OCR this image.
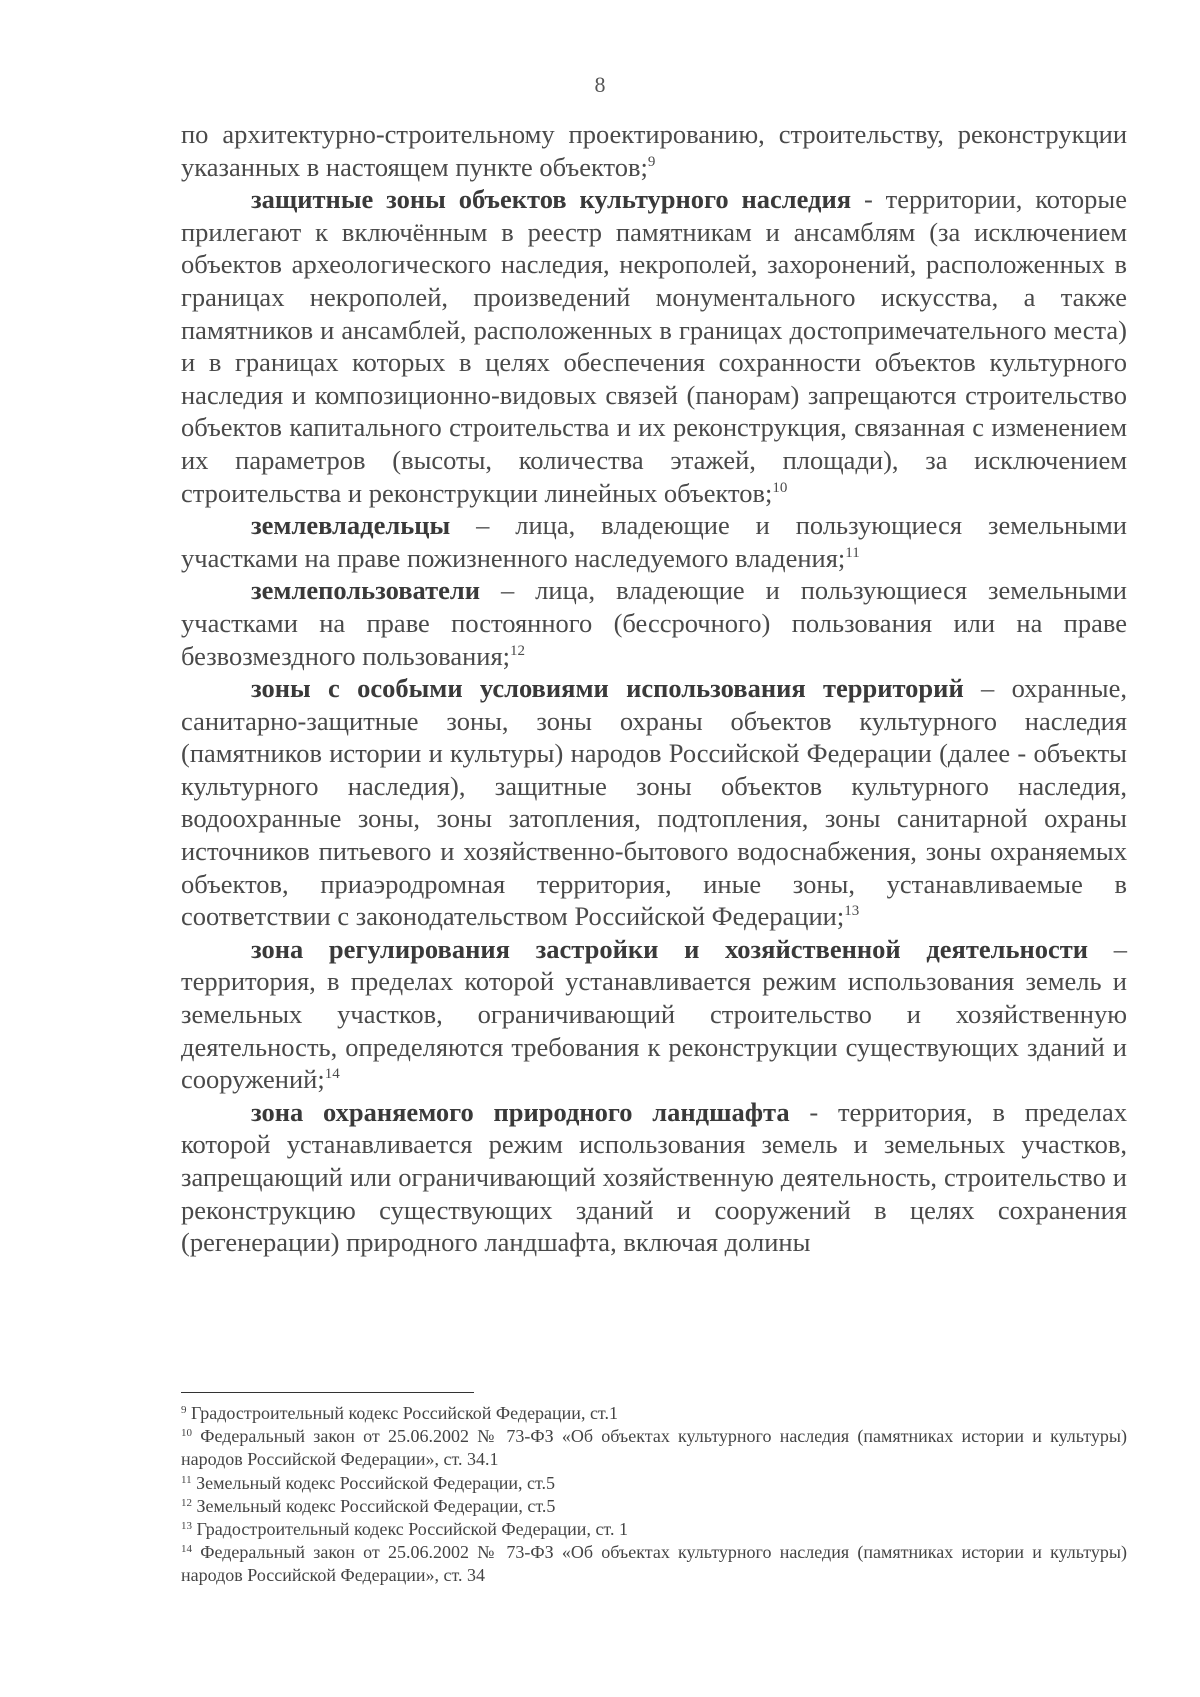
8

по архитектурно-строительному проектированию, строительству, реконструкции указанных в настоящем пункте объектов;$^9$

защитные зоны объектов культурного наследия - территории, которые прилегают к включённым в реестр памятникам и ансамблям (за исключением объектов археологического наследия, некрополей, захоронений, расположенных в границах некрополей, произведений монументального искусства, а также памятников и ансамблей, расположенных в границах достопримечательного места) и в границах которых в целях обеспечения сохранности объектов культурного наследия и композиционно-видовых связей (панорам) запрещаются строительство объектов капитального строительства и их реконструкция, связанная с изменением их параметров (высоты, количества этажей, площади), за исключением строительства и реконструкции линейных объектов;$^{10}$

землевладельцы – лица, владеющие и пользующиеся земельными участками на праве пожизненного наследуемого владения;$^{11}$

землепользователи – лица, владеющие и пользующиеся земельными участками на праве постоянного (бессрочного) пользования или на праве безвозмездного пользования;$^{12}$

зоны с особыми условиями использования территорий – охранные, санитарно-защитные зоны, зоны охраны объектов культурного наследия (памятников истории и культуры) народов Российской Федерации (далее - объекты культурного наследия), защитные зоны объектов культурного наследия, водоохранные зоны, зоны затопления, подтопления, зоны санитарной охраны источников питьевого и хозяйственно-бытового водоснабжения, зоны охраняемых объектов, приаэродромная территория, иные зоны, устанавливаемые в соответствии с законодательством Российской Федерации;$^{13}$

зона регулирования застройки и хозяйственной деятельности – территория, в пределах которой устанавливается режим использования земель и земельных участков, ограничивающий строительство и хозяйственную деятельность, определяются требования к реконструкции существующих зданий и сооружений;$^{14}$

зона охраняемого природного ландшафта - территория, в пределах которой устанавливается режим использования земель и земельных участков, запрещающий или ограничивающий хозяйственную деятельность, строительство и реконструкцию существующих зданий и сооружений в целях сохранения (регенерации) природного ландшафта, включая долины

$^9$ Градостроительный кодекс Российской Федерации, ст.1

$^{10}$ Федеральный закон от 25.06.2002 № 73-ФЗ «Об объектах культурного наследия (памятниках истории и культуры) народов Российской Федерации», ст. 34.1

$^{11}$ Земельный кодекс Российской Федерации, ст.5

$^{12}$ Земельный кодекс Российской Федерации, ст.5

$^{13}$ Градостроительный кодекс Российской Федерации, ст. 1

$^{14}$ Федеральный закон от 25.06.2002 № 73-ФЗ «Об объектах культурного наследия (памятниках истории и культуры) народов Российской Федерации», ст. 34
